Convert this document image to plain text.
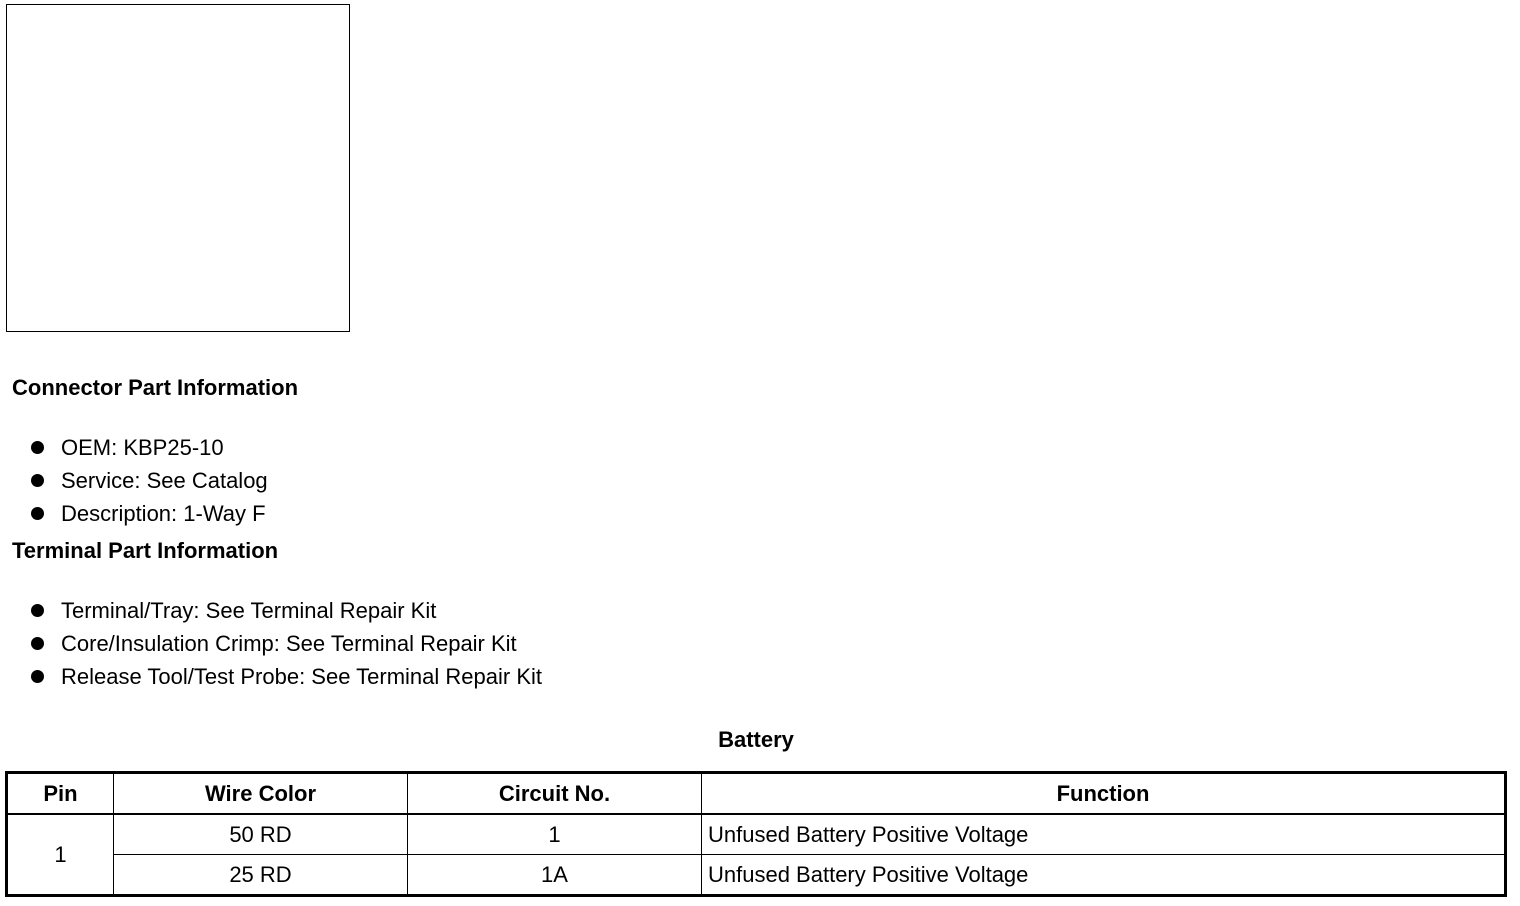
Connector Part Information
OEM: KBP25-10
Service: See Catalog
Description: 1-Way F
Terminal Part Information
Terminal/Tray: See Terminal Repair Kit
Core/Insulation Crimp: See Terminal Repair Kit
Release Tool/Test Probe: See Terminal Repair Kit
Battery
Pin	Wire Color	Circuit No.	Function
1	50 RD	1	Unfused Battery Positive Voltage
	25 RD	1A	Unfused Battery Positive Voltage
